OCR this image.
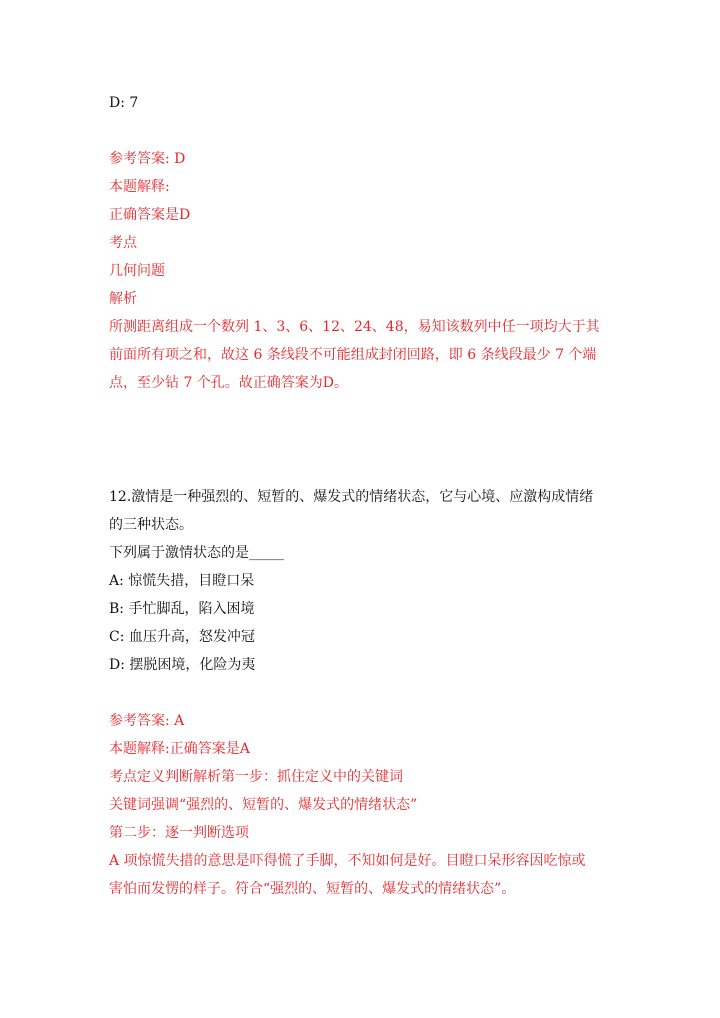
D: 7
参考答案: D
本题解释:
正确答案是D
考点
几何问题
解析
所测距离组成一个数列 1、3、6、12、24、48，易知该数列中任一项均大于其
前面所有项之和，故这 6 条线段不可能组成封闭回路，即 6 条线段最少 7 个端
点，至少钻 7 个孔。故正确答案为D。
12.激情是一种强烈的、短暂的、爆发式的情绪状态，它与心境、应激构成情绪
的三种状态。
下列属于激情状态的是_____
A: 惊慌失措，目瞪口呆
B: 手忙脚乱，陷入困境
C: 血压升高，怒发冲冠
D: 摆脱困境，化险为夷
参考答案: A
本题解释:正确答案是A
考点定义判断解析第一步：抓住定义中的关键词
关键词强调“强烈的、短暂的、爆发式的情绪状态”
第二步：逐一判断选项
A 项惊慌失措的意思是吓得慌了手脚，不知如何是好。目瞪口呆形容因吃惊或
害怕而发愣的样子。符合“强烈的、短暂的、爆发式的情绪状态”。
